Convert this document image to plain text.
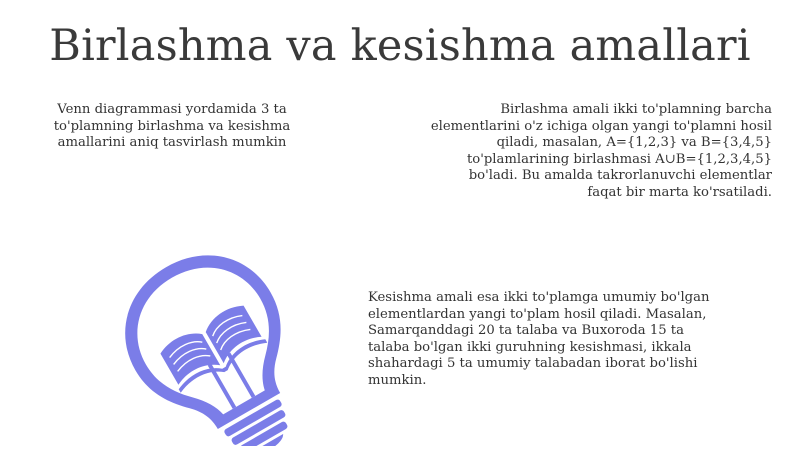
Birlashma va kesishma amallari

Venn diagrammasi yordamida 3 ta
to'plamning birlashma va kesishma
amallarini aniq tasvirlash mumkin

Birlashma amali ikki to'plamning barcha
elementlarini o'z ichiga olgan yangi to'plamni hosil
qiladi, masalan, A={1,2,3} va B={3,4,5}
to'plamlarining birlashmasi A∪B={1,2,3,4,5}
bo'ladi. Bu amalda takrorlanuvchi elementlar
faqat bir marta ko'rsatiladi.

Kesishma amali esa ikki to'plamga umumiy bo'lgan
elementlardan yangi to'plam hosil qiladi. Masalan,
Samarqanddagi 20 ta talaba va Buxoroda 15 ta
talaba bo'lgan ikki guruhning kesishmasi, ikkala
shahardagi 5 ta umumiy talabadan iborat bo'lishi
mumkin.
